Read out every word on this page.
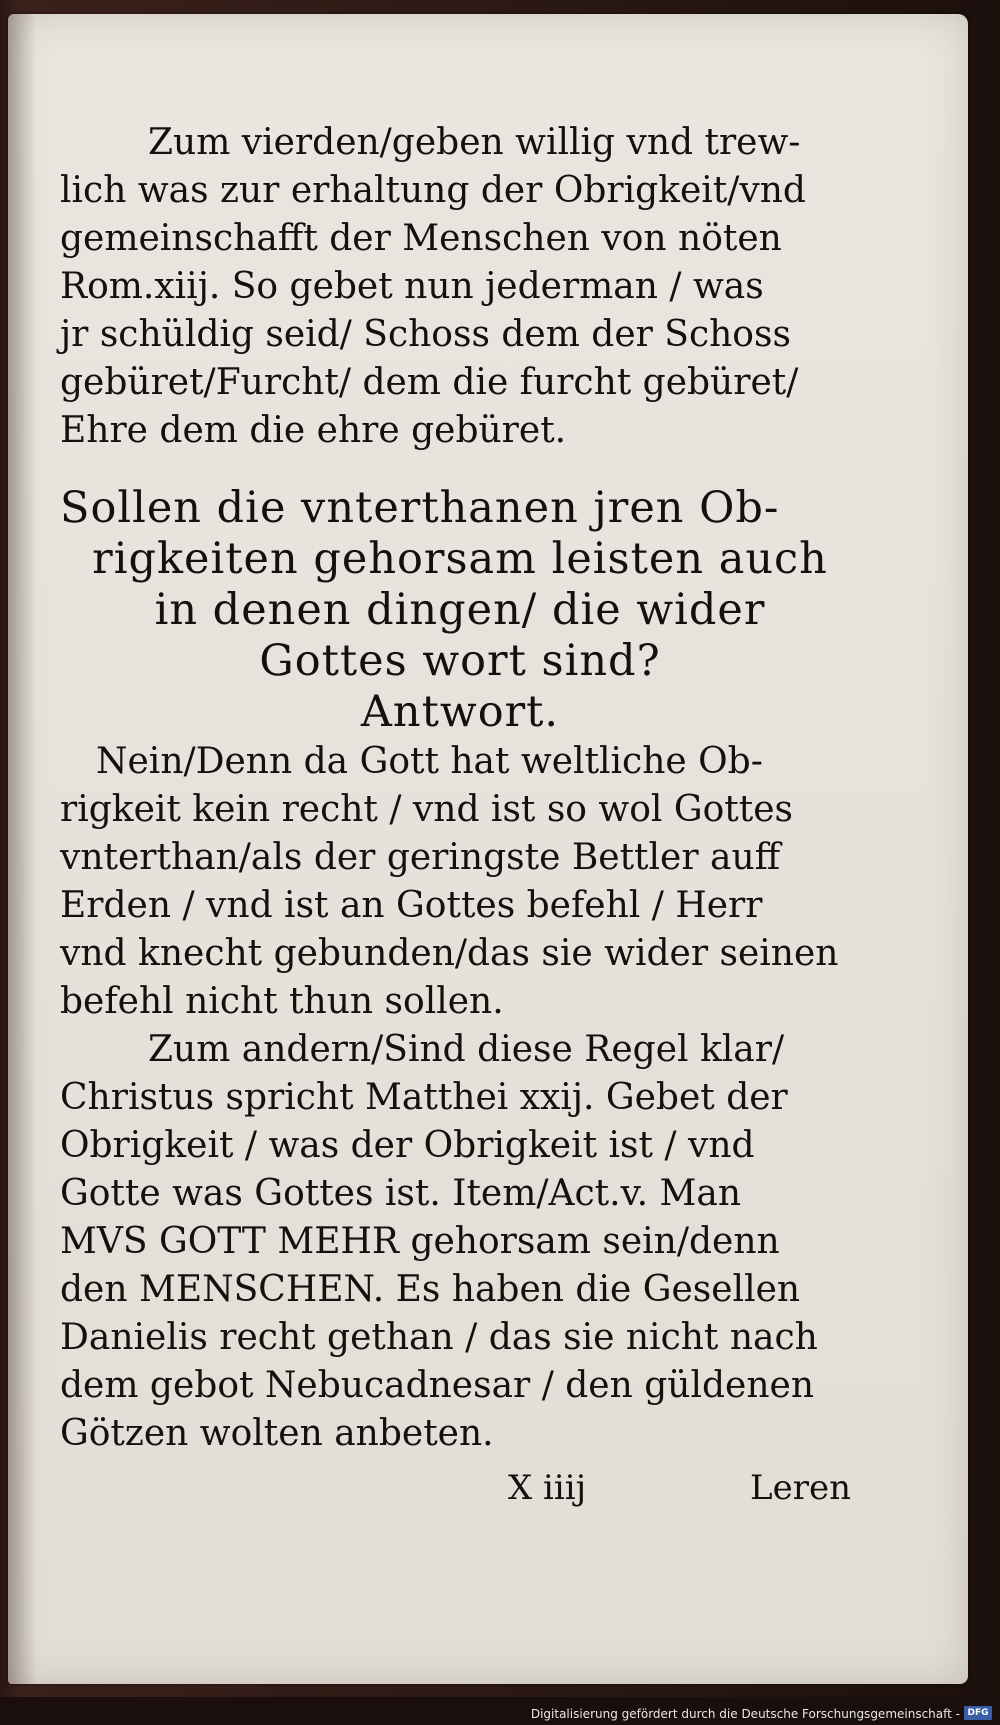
Zum vierden/geben willig vnd trew-
lich was zur erhaltung der Obrigkeit/vnd
gemeinschafft der Menschen von nöten
Rom.xiij. So gebet nun jederman / was
jr schüldig seid/ Schoss dem der Schoss
gebüret/Furcht/ dem die furcht gebüret/
Ehre dem die ehre gebüret.
Sollen die vnterthanen jren Ob-
rigkeiten gehorsam leisten auch
in denen dingen/ die wider
Gottes wort sind?
Antwort.
Nein/Denn da Gott hat weltliche Ob-
rigkeit kein recht / vnd ist so wol Gottes
vnterthan/als der geringste Bettler auff
Erden / vnd ist an Gottes befehl / Herr
vnd knecht gebunden/das sie wider seinen
befehl nicht thun sollen.
Zum andern/Sind diese Regel klar/
Christus spricht Matthei xxij. Gebet der
Obrigkeit / was der Obrigkeit ist / vnd
Gotte was Gottes ist. Item/Act.v. Man
MVS GOTT MEHR gehorsam sein/denn
den MENSCHEN. Es haben die Gesellen
Danielis recht gethan / das sie nicht nach
dem gebot Nebucadnesar / den güldenen
Götzen wolten anbeten.
X iiij	Leren
Digitalisierung gefördert durch die Deutsche Forschungsgemeinschaft - DFG
